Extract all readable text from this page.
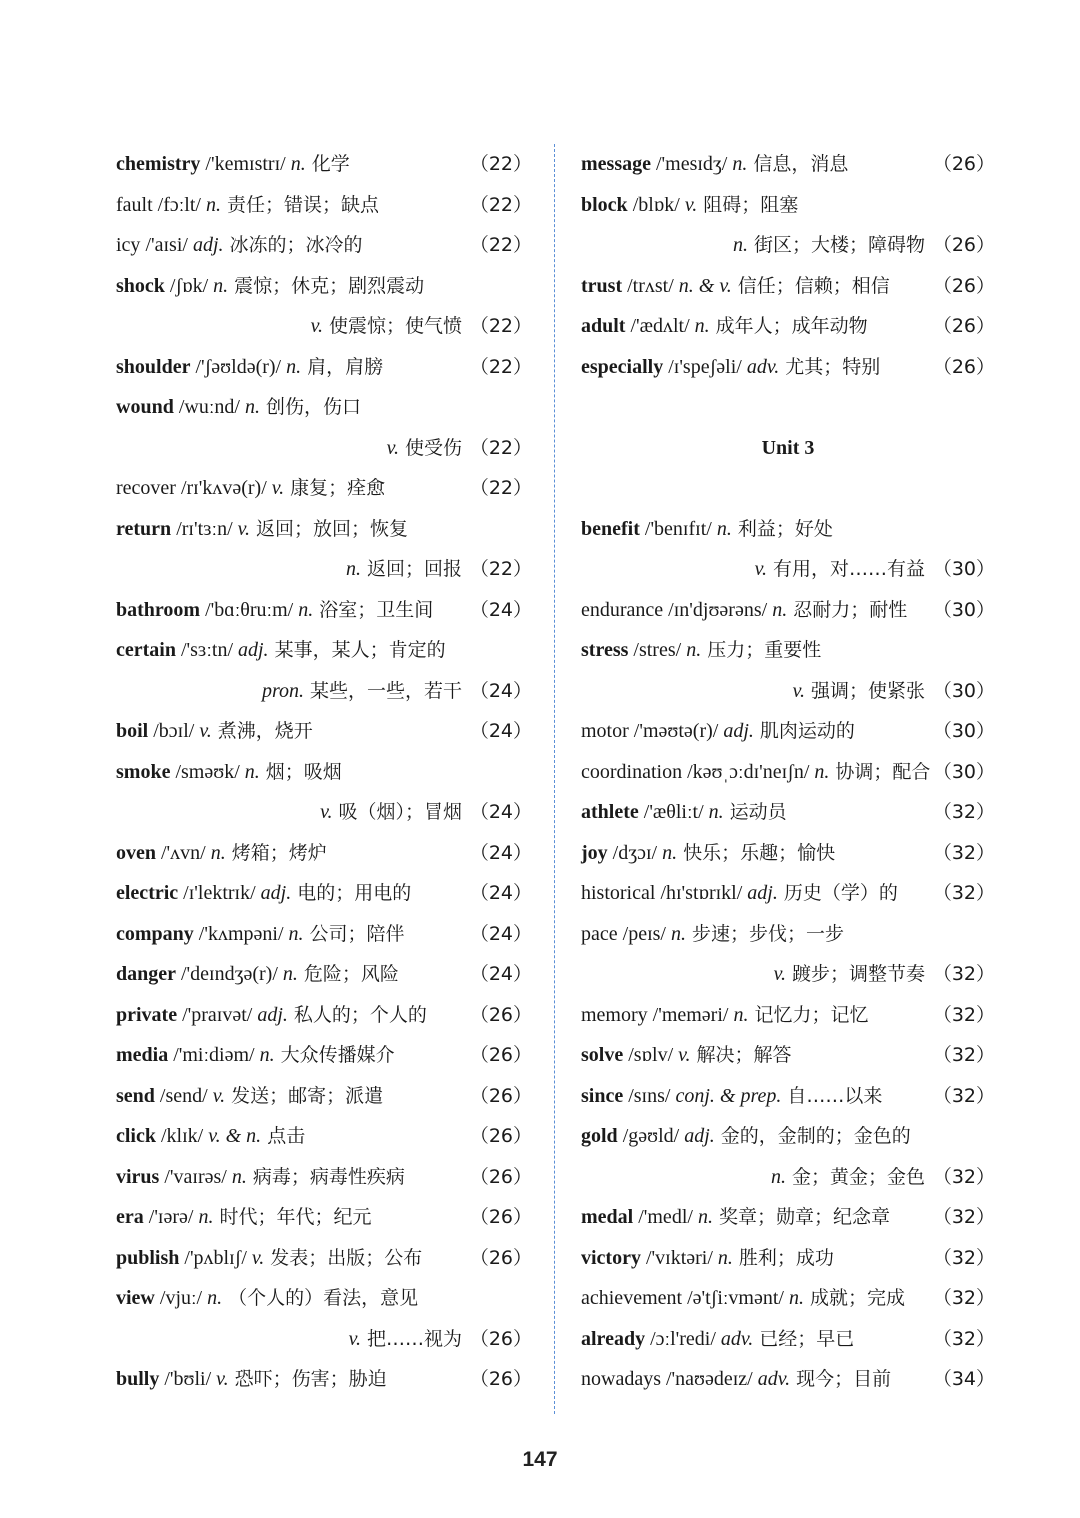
chemistry /'kemɪstrɪ/ n. 化学	（22）
fault /fɔːlt/ n. 责任；错误；缺点	（22）
icy /'aɪsi/ adj. 冰冻的；冰冷的	（22）
shock /ʃɒk/ n. 震惊；休克；剧烈震动
v. 使震惊；使气愤 （22）
shoulder /'ʃəʊldə(r)/ n. 肩，肩膀	（22）
wound /wuːnd/ n. 创伤，伤口
v. 使受伤 （22）
recover /rɪ'kʌvə(r)/ v. 康复；痊愈	（22）
return /rɪ'tɜːn/ v. 返回；放回；恢复
n. 返回；回报 （22）
bathroom /'bɑːθruːm/ n. 浴室；卫生间 （24）
certain /'sɜːtn/ adj. 某事，某人；肯定的
pron. 某些，一些，若干 （24）
boil /bɔɪl/ v. 煮沸，烧开	（24）
smoke /sməʊk/ n. 烟；吸烟
v. 吸（烟）；冒烟 （24）
oven /'ʌvn/ n. 烤箱；烤炉	（24）
electric /ɪ'lektrɪk/ adj. 电的；用电的	（24）
company /'kʌmpəni/ n. 公司；陪伴	（24）
danger /'deɪndʒə(r)/ n. 危险；风险	（24）
private /'praɪvət/ adj. 私人的；个人的 （26）
media /'miːdiəm/ n. 大众传播媒介	（26）
send /send/ v. 发送；邮寄；派遣	（26）
click /klɪk/ v. & n. 点击	（26）
virus /'vaɪrəs/ n. 病毒；病毒性疾病	（26）
era /'ɪərə/ n. 时代；年代；纪元	（26）
publish /'pʌblɪʃ/ v. 发表；出版；公布	（26）
view /vjuː/ n. （个人的）看法，意见
v. 把……视为 （26）
bully /'bʊli/ v. 恐吓；伤害；胁迫	（26）
message /'mesɪdʒ/ n. 信息，消息	（26）
block /blɒk/ v. 阻碍；阻塞
n. 街区；大楼；障碍物 （26）
trust /trʌst/ n. & v. 信任；信赖；相信 （26）
adult /'ædʌlt/ n. 成年人；成年动物	（26）
especially /ɪ'speʃəli/ adv. 尤其；特别	（26）
Unit 3
benefit /'benɪfɪt/ n. 利益；好处
v. 有用，对……有益 （30）
endurance /ɪn'djʊərəns/ n. 忍耐力；耐性 （30）
stress /stres/ n. 压力；重要性
v. 强调；使紧张 （30）
motor /'məʊtə(r)/ adj. 肌肉运动的	（30）
coordination /kəʊˌɔːdɪ'neɪʃn/ n. 协调；配合 （30）
athlete /'æθliːt/ n. 运动员	（32）
joy /dʒɔɪ/ n. 快乐；乐趣；愉快	（32）
historical /hɪ'stɒrɪkl/ adj. 历史（学）的 （32）
pace /peɪs/ n. 步速；步伐；一步
v. 踱步；调整节奏 （32）
memory /'meməri/ n. 记忆力；记忆	（32）
solve /sɒlv/ v. 解决；解答	（32）
since /sɪns/ conj. & prep. 自……以来	（32）
gold /gəʊld/ adj. 金的，金制的；金色的
n. 金；黄金；金色 （32）
medal /'medl/ n. 奖章；勋章；纪念章 （32）
victory /'vɪktəri/ n. 胜利；成功	（32）
achievement /ə'tʃiːvmənt/ n. 成就；完成 （32）
already /ɔːl'redi/ adv. 已经；早已	（32）
nowadays /'naʊədeɪz/ adv. 现今；目前 （34）
147
